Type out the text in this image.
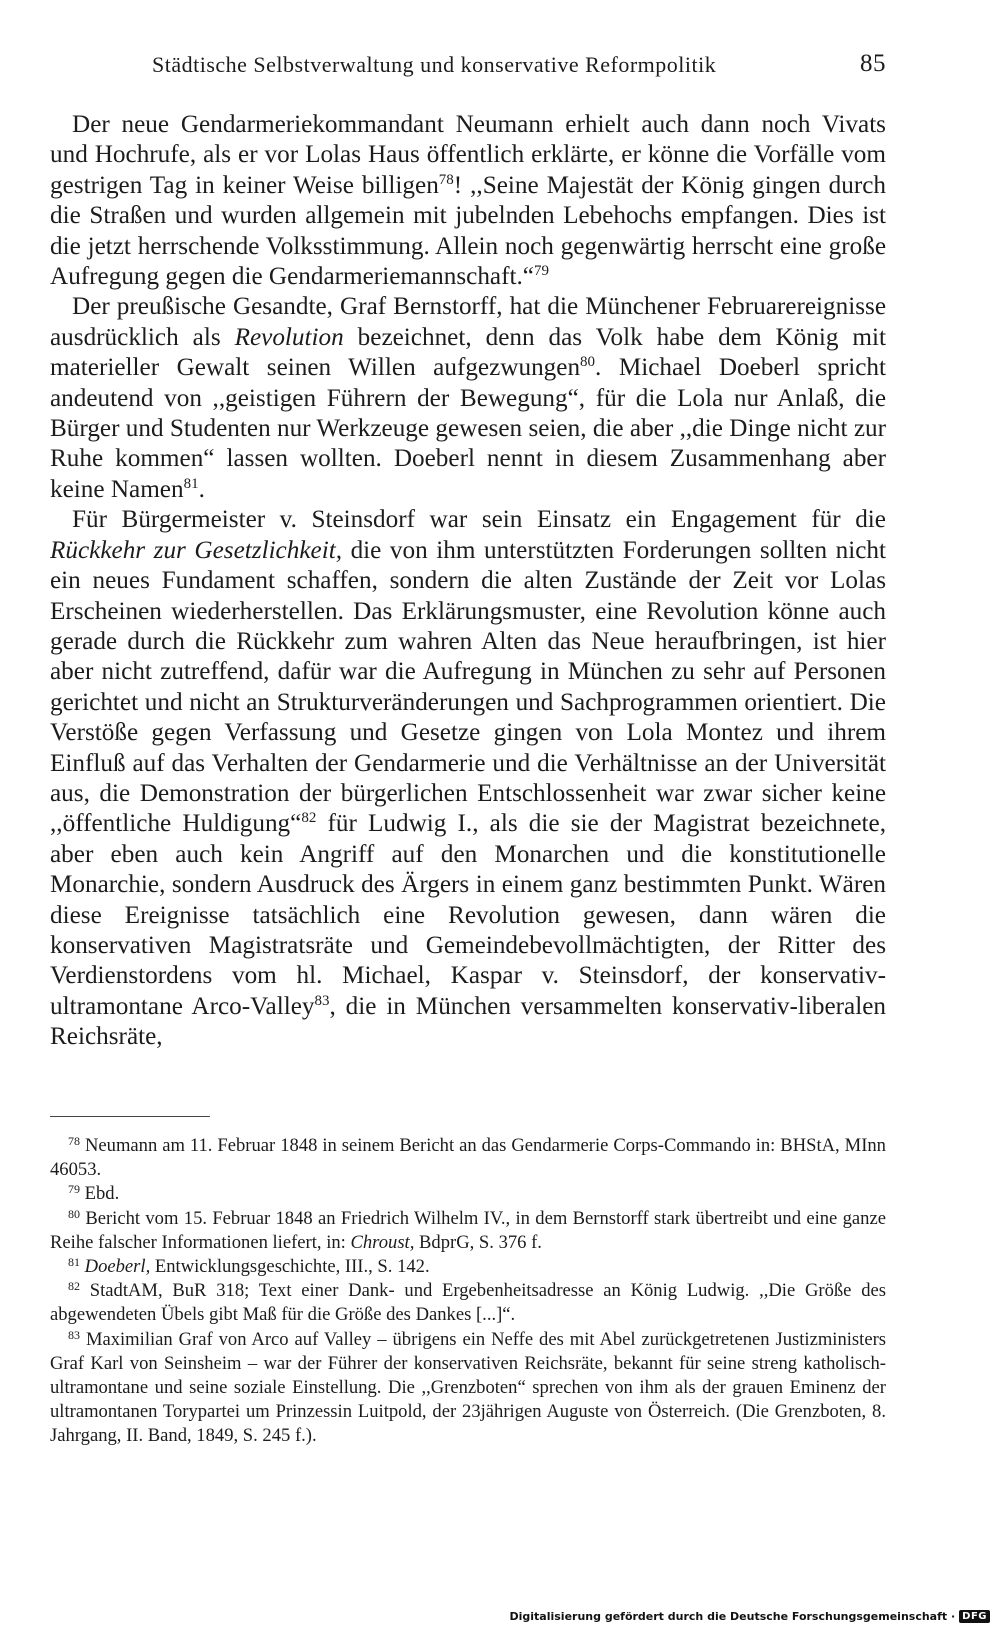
Städtische Selbstverwaltung und konservative Reformpolitik	85

Der neue Gendarmeriekommandant Neumann erhielt auch dann noch Vivats und Hochrufe, als er vor Lolas Haus öffentlich erklärte, er könne die Vorfälle vom gestrigen Tag in keiner Weise billigen$^{78}$! ,,Seine Majestät der König gingen durch die Straßen und wurden allgemein mit jubelnden Lebehochs empfangen. Dies ist die jetzt herrschende Volksstimmung. Allein noch gegenwärtig herrscht eine große Aufregung gegen die Gendarmeriemannschaft.“$^{79}$

Der preußische Gesandte, Graf Bernstorff, hat die Münchener Februarereignisse ausdrücklich als Revolution bezeichnet, denn das Volk habe dem König mit materieller Gewalt seinen Willen aufgezwungen$^{80}$. Michael Doeberl spricht andeutend von ,,geistigen Führern der Bewegung“, für die Lola nur Anlaß, die Bürger und Studenten nur Werkzeuge gewesen seien, die aber ,,die Dinge nicht zur Ruhe kommen“ lassen wollten. Doeberl nennt in diesem Zusammenhang aber keine Namen$^{81}$.

Für Bürgermeister v. Steinsdorf war sein Einsatz ein Engagement für die Rückkehr zur Gesetzlichkeit, die von ihm unterstützten Forderungen sollten nicht ein neues Fundament schaffen, sondern die alten Zustände der Zeit vor Lolas Erscheinen wiederherstellen. Das Erklärungsmuster, eine Revolution könne auch gerade durch die Rückkehr zum wahren Alten das Neue heraufbringen, ist hier aber nicht zutreffend, dafür war die Aufregung in München zu sehr auf Personen gerichtet und nicht an Strukturveränderungen und Sachprogrammen orientiert. Die Verstöße gegen Verfassung und Gesetze gingen von Lola Montez und ihrem Einfluß auf das Verhalten der Gendarmerie und die Verhältnisse an der Universität aus, die Demonstration der bürgerlichen Entschlossenheit war zwar sicher keine ,,öffentliche Huldigung“$^{82}$ für Ludwig I., als die sie der Magistrat bezeichnete, aber eben auch kein Angriff auf den Monarchen und die konstitutionelle Monarchie, sondern Ausdruck des Ärgers in einem ganz bestimmten Punkt. Wären diese Ereignisse tatsächlich eine Revolution gewesen, dann wären die konservativen Magistratsräte und Gemeindebevollmächtigten, der Ritter des Verdienstordens vom hl. Michael, Kaspar v. Steinsdorf, der konservativ-ultramontane Arco-Valley$^{83}$, die in München versammelten konservativ-liberalen Reichsräte,

$^{78}$ Neumann am 11. Februar 1848 in seinem Bericht an das Gendarmerie Corps-Commando in: BHStA, MInn 46053.

$^{79}$ Ebd.

$^{80}$ Bericht vom 15. Februar 1848 an Friedrich Wilhelm IV., in dem Bernstorff stark übertreibt und eine ganze Reihe falscher Informationen liefert, in: Chroust, BdprG, S. 376 f.

$^{81}$ Doeberl, Entwicklungsgeschichte, III., S. 142.

$^{82}$ StadtAM, BuR 318; Text einer Dank- und Ergebenheitsadresse an König Ludwig. ,,Die Größe des abgewendeten Übels gibt Maß für die Größe des Dankes [...]“.

$^{83}$ Maximilian Graf von Arco auf Valley – übrigens ein Neffe des mit Abel zurückgetretenen Justizministers Graf Karl von Seinsheim – war der Führer der konservativen Reichsräte, bekannt für seine streng katholisch-ultramontane und seine soziale Einstellung. Die ,,Grenzboten“ sprechen von ihm als der grauen Eminenz der ultramontanen Torypartei um Prinzessin Luitpold, der 23jährigen Auguste von Österreich. (Die Grenzboten, 8. Jahrgang, II. Band, 1849, S. 245 f.).

Digitalisierung gefördert durch die Deutsche Forschungsgemeinschaft · DFG
